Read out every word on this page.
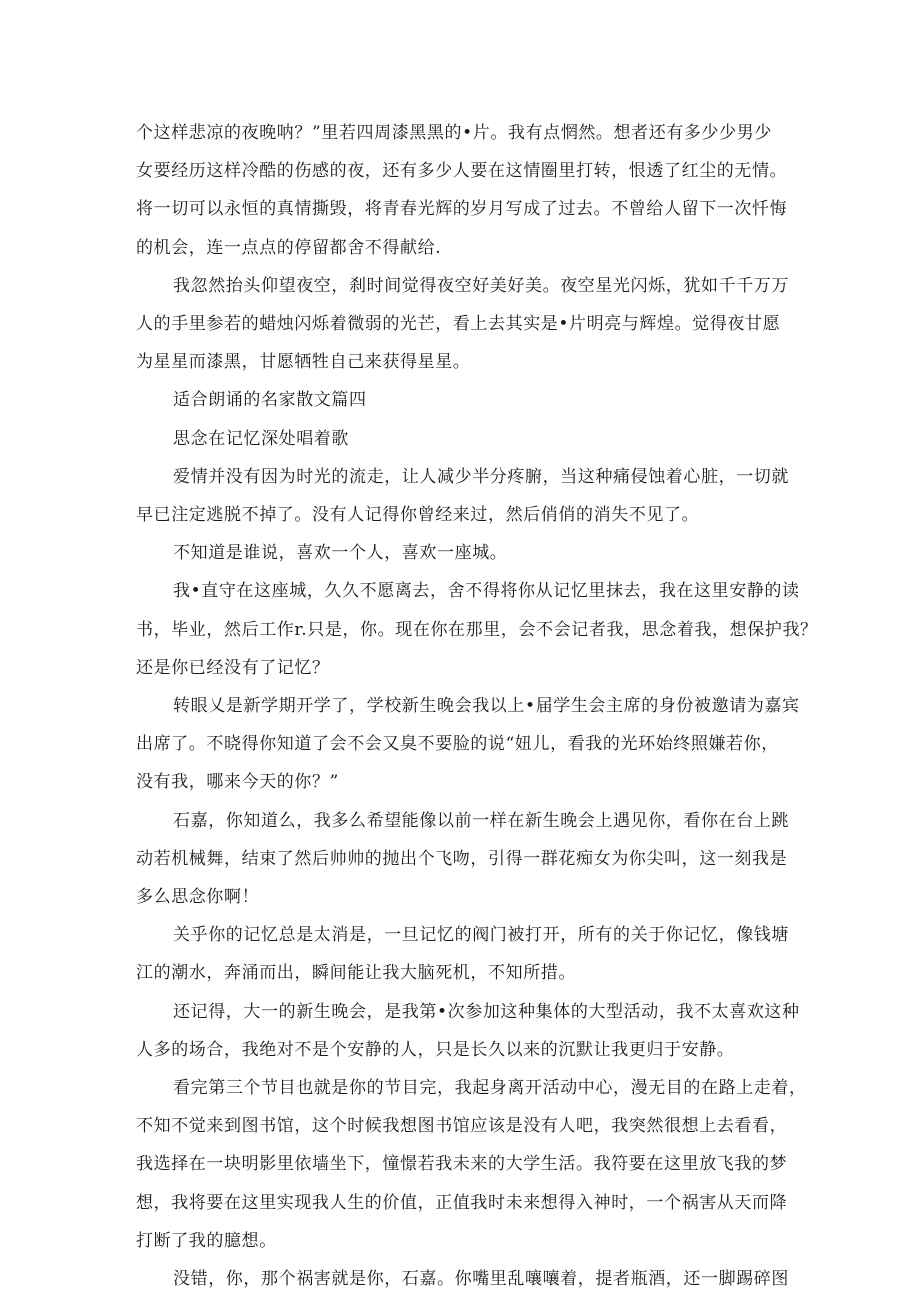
个这样悲凉的夜晚呐？”里若四周漆黑黑的•片。我有点惘然。想者还有多少少男少

女要经历这样冷酷的伤感的夜，还有多少人要在这情圈里打转，恨透了红尘的无情。

将一切可以永恒的真情撕毁，将青春光辉的岁月写成了过去。不曾给人留下一次忏悔

的机会，连一点点的停留都舍不得献给.

我忽然抬头仰望夜空，刹时间觉得夜空好美好美。夜空星光闪烁，犹如千千万万

人的手里参若的蜡烛闪烁着微弱的光芒，看上去其实是•片明亮与辉煌。觉得夜甘愿

为星星而漆黑，甘愿牺牲自己来获得星星。

适合朗诵的名家散文篇四

思念在记忆深处唱着歌

爱情并没有因为时光的流走，让人减少半分疼腑，当这种痛侵蚀着心脏，一切就

早已注定逃脱不掉了。没有人记得你曾经来过，然后俏俏的消失不见了。

不知道是谁说，喜欢一个人，喜欢一座城。

我•直守在这座城，久久不愿离去，舍不得将你从记忆里抹去，我在这里安静的读

书，毕业，然后工作r.只是，你。现在你在那里，会不会记者我，思念着我，想保护我？

还是你已经没有了记忆？

转眼乂是新学期开学了，学校新生晚会我以上•届学生会主席的身份被邀请为嘉宾

出席了。不晓得你知道了会不会又臭不要脸的说“妞儿，看我的光环始终照嫌若你，

没有我，哪来今天的你？”

石嘉，你知道么，我多么希望能像以前一样在新生晚会上遇见你，看你在台上跳

动若机械舞，结束了然后帅帅的抛出个飞吻，引得一群花痴女为你尖叫，这一刻我是

多么思念你啊！

关乎你的记忆总是太消是，一旦记忆的阀门被打开，所有的关于你记忆，像钱塘

江的潮水，奔涌而出，瞬间能让我大脑死机，不知所措。

还记得，大一的新生晚会，是我第•次参加这种集体的大型活动，我不太喜欢这种

人多的场合，我绝对不是个安静的人，只是长久以来的沉默让我更归于安静。

看完第三个节目也就是你的节目完，我起身离开活动中心，漫无目的在路上走着，

不知不觉来到图书馆，这个时候我想图书馆应该是没有人吧，我突然很想上去看看，

我选择在一块明影里依墙坐下，憧憬若我未来的大学生活。我符要在这里放飞我的梦

想，我将要在这里实现我人生的价值，正值我时未来想得入神时，一个祸害从天而降

打断了我的臆想。

没错，你，那个祸害就是你，石嘉。你嘴里乱嚷嚷着，提者瓶酒，还一脚踢碎图
